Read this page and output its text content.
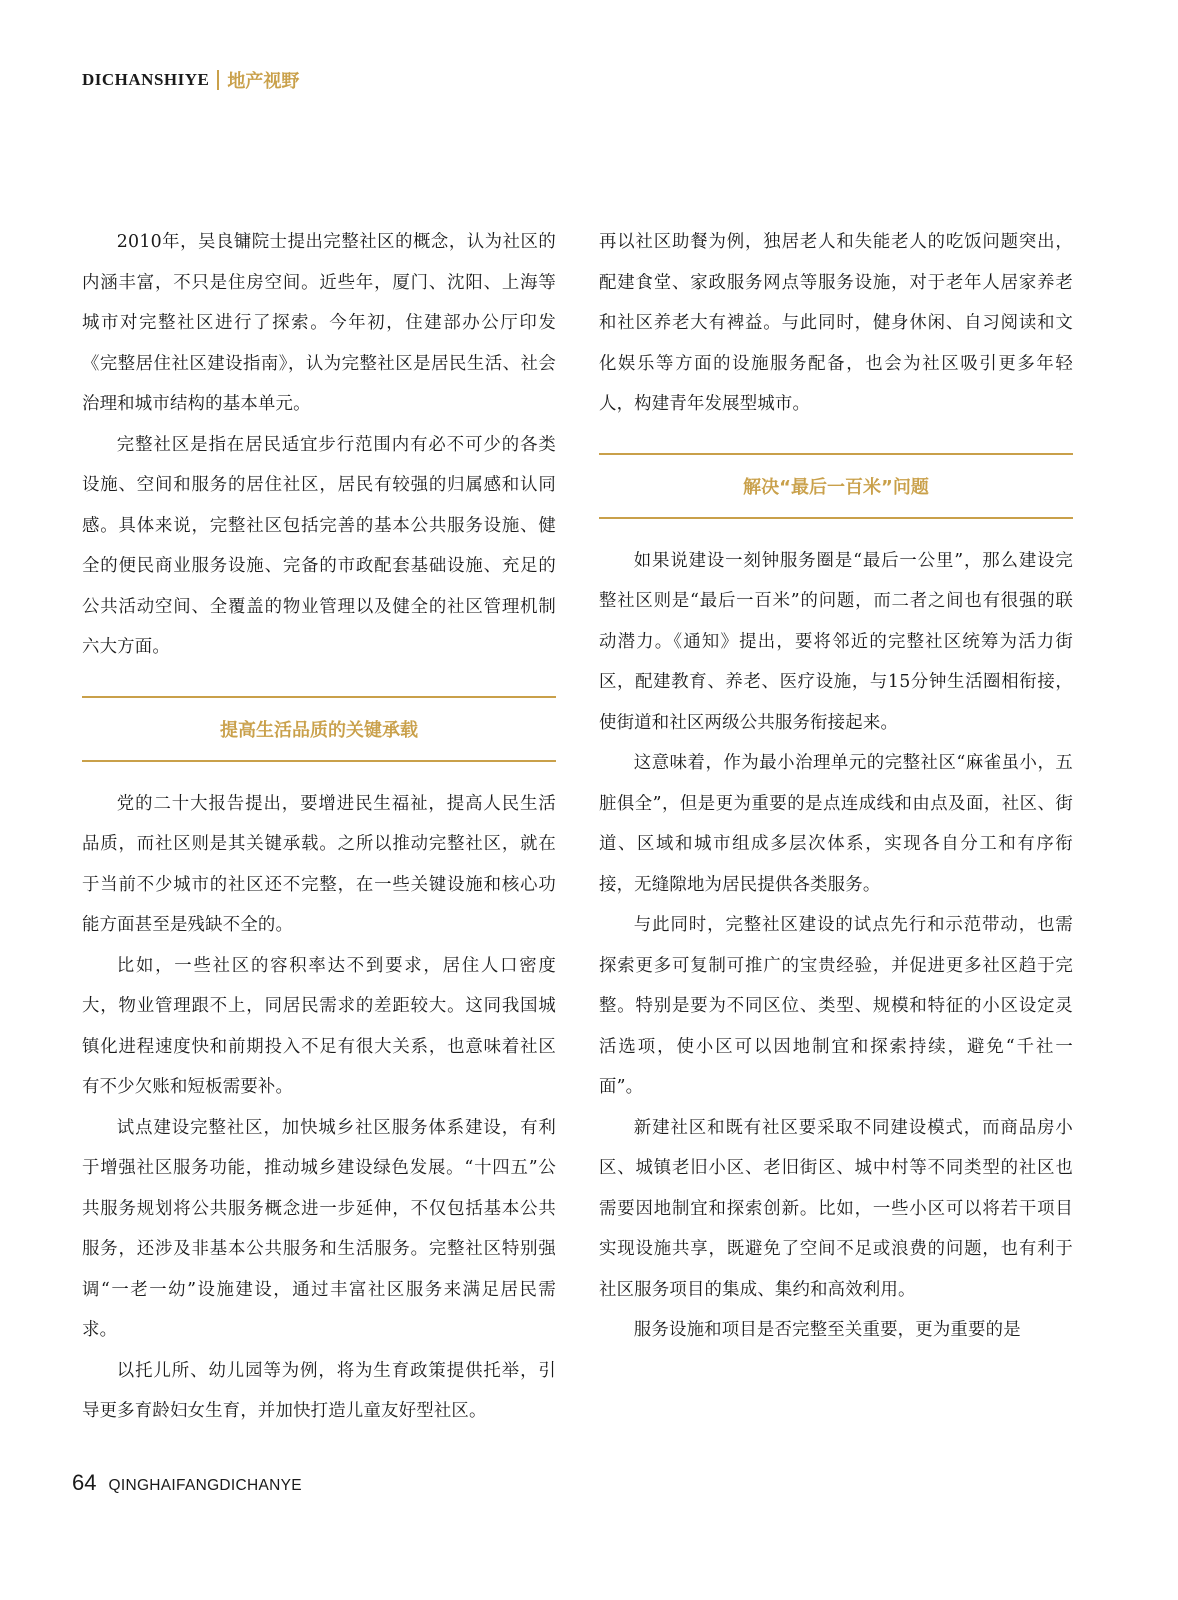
DICHANSHIYE 地产视野

2010年，吴良镛院士提出完整社区的概念，认为社区的内涵丰富，不只是住房空间。近些年，厦门、沈阳、上海等城市对完整社区进行了探索。今年初，住建部办公厅印发《完整居住社区建设指南》，认为完整社区是居民生活、社会治理和城市结构的基本单元。

完整社区是指在居民适宜步行范围内有必不可少的各类设施、空间和服务的居住社区，居民有较强的归属感和认同感。具体来说，完整社区包括完善的基本公共服务设施、健全的便民商业服务设施、完备的市政配套基础设施、充足的公共活动空间、全覆盖的物业管理以及健全的社区管理机制六大方面。

提高生活品质的关键承载

党的二十大报告提出，要增进民生福祉，提高人民生活品质，而社区则是其关键承载。之所以推动完整社区，就在于当前不少城市的社区还不完整，在一些关键设施和核心功能方面甚至是残缺不全的。

比如，一些社区的容积率达不到要求，居住人口密度大，物业管理跟不上，同居民需求的差距较大。这同我国城镇化进程速度快和前期投入不足有很大关系，也意味着社区有不少欠账和短板需要补。

试点建设完整社区，加快城乡社区服务体系建设，有利于增强社区服务功能，推动城乡建设绿色发展。“十四五”公共服务规划将公共服务概念进一步延伸，不仅包括基本公共服务，还涉及非基本公共服务和生活服务。完整社区特别强调“一老一幼”设施建设，通过丰富社区服务来满足居民需求。

以托儿所、幼儿园等为例，将为生育政策提供托举，引导更多育龄妇女生育，并加快打造儿童友好型社区。

再以社区助餐为例，独居老人和失能老人的吃饭问题突出，配建食堂、家政服务网点等服务设施，对于老年人居家养老和社区养老大有裨益。与此同时，健身休闲、自习阅读和文化娱乐等方面的设施服务配备，也会为社区吸引更多年轻人，构建青年发展型城市。

解决“最后一百米”问题

如果说建设一刻钟服务圈是“最后一公里”，那么建设完整社区则是“最后一百米”的问题，而二者之间也有很强的联动潜力。《通知》提出，要将邻近的完整社区统筹为活力街区，配建教育、养老、医疗设施，与15分钟生活圈相衔接，使街道和社区两级公共服务衔接起来。

这意味着，作为最小治理单元的完整社区“麻雀虽小，五脏俱全”，但是更为重要的是点连成线和由点及面，社区、街道、区域和城市组成多层次体系，实现各自分工和有序衔接，无缝隙地为居民提供各类服务。

与此同时，完整社区建设的试点先行和示范带动，也需探索更多可复制可推广的宝贵经验，并促进更多社区趋于完整。特别是要为不同区位、类型、规模和特征的小区设定灵活选项，使小区可以因地制宜和探索持续，避免“千社一面”。

新建社区和既有社区要采取不同建设模式，而商品房小区、城镇老旧小区、老旧街区、城中村等不同类型的社区也需要因地制宜和探索创新。比如，一些小区可以将若干项目实现设施共享，既避免了空间不足或浪费的问题，也有利于社区服务项目的集成、集约和高效利用。

服务设施和项目是否完整至关重要，更为重要的是

64 QINGHAIFANGDICHANYE
